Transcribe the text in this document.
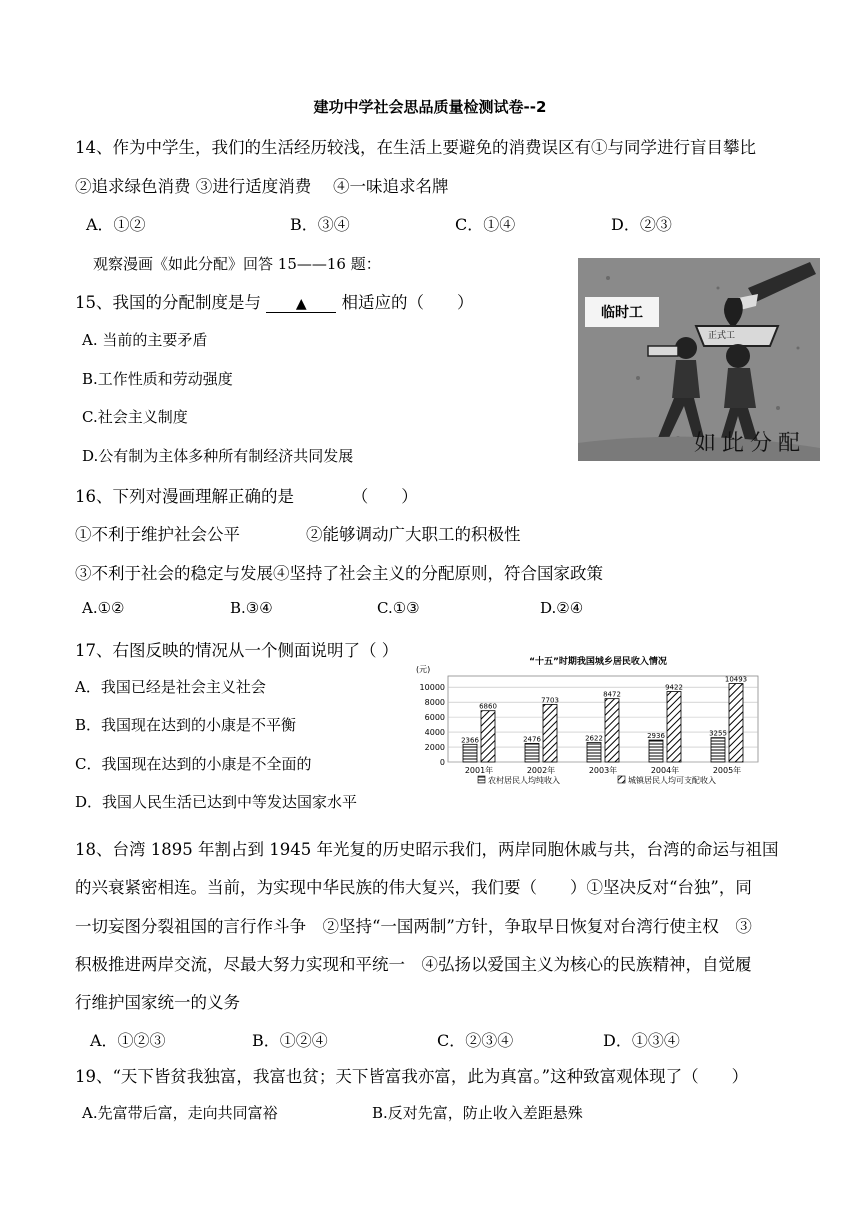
建功中学社会思品质量检测试卷--2
14、作为中学生，我们的生活经历较浅，在生活上要避免的消费误区有①与同学进行盲目攀比
②追求绿色消费 ③进行适度消费 　④一味追求名牌
A．①②	B．③④	C．①④	D．②③
观察漫画《如此分配》回答 15——16 题：
15、我国的分配制度是与 ▲ 相适应的（　　）
A. 当前的主要矛盾
B.工作性质和劳动强度
C.社会主义制度
D.公有制为主体多种所有制经济共同发展
临时工
正式工
如此分配
16、下列对漫画理解正确的是　　　　（　　）
①不利于维护社会公平　　　　②能够调动广大职工的积极性
③不利于社会的稳定与发展④坚持了社会主义的分配原则，符合国家政策
A.①②	B.③④	C.①③	D.②④
17、右图反映的情况从一个侧面说明了（ ）
A．我国已经是社会主义社会
B．我国现在达到的小康是不平衡
C．我国现在达到的小康是不全面的
D．我国人民生活已达到中等发达国家水平
“十五”时期我国城乡居民收入情况
(元)
0
2000
4000
6000
8000
10000
2366
6860
2001年
2476
7703
2002年
2622
8472
2003年
2936
9422
2004年
3255
10493
2005年
农村居民人均纯收入	城镇居民人均可支配收入
18、台湾 1895 年割占到 1945 年光复的历史昭示我们，两岸同胞休戚与共，台湾的命运与祖国
的兴衰紧密相连。当前，为实现中华民族的伟大复兴，我们要（　　）①坚决反对“台独”，同
一切妄图分裂祖国的言行作斗争　②坚持“一国两制”方针，争取早日恢复对台湾行使主权　③
积极推进两岸交流，尽最大努力实现和平统一　④弘扬以爱国主义为核心的民族精神，自觉履
行维护国家统一的义务
A．①②③	B．①②④	C．②③④	D．①③④
19、“天下皆贫我独富，我富也贫；天下皆富我亦富，此为真富。”这种致富观体现了（　　）
A.先富带后富，走向共同富裕	B.反对先富，防止收入差距悬殊
